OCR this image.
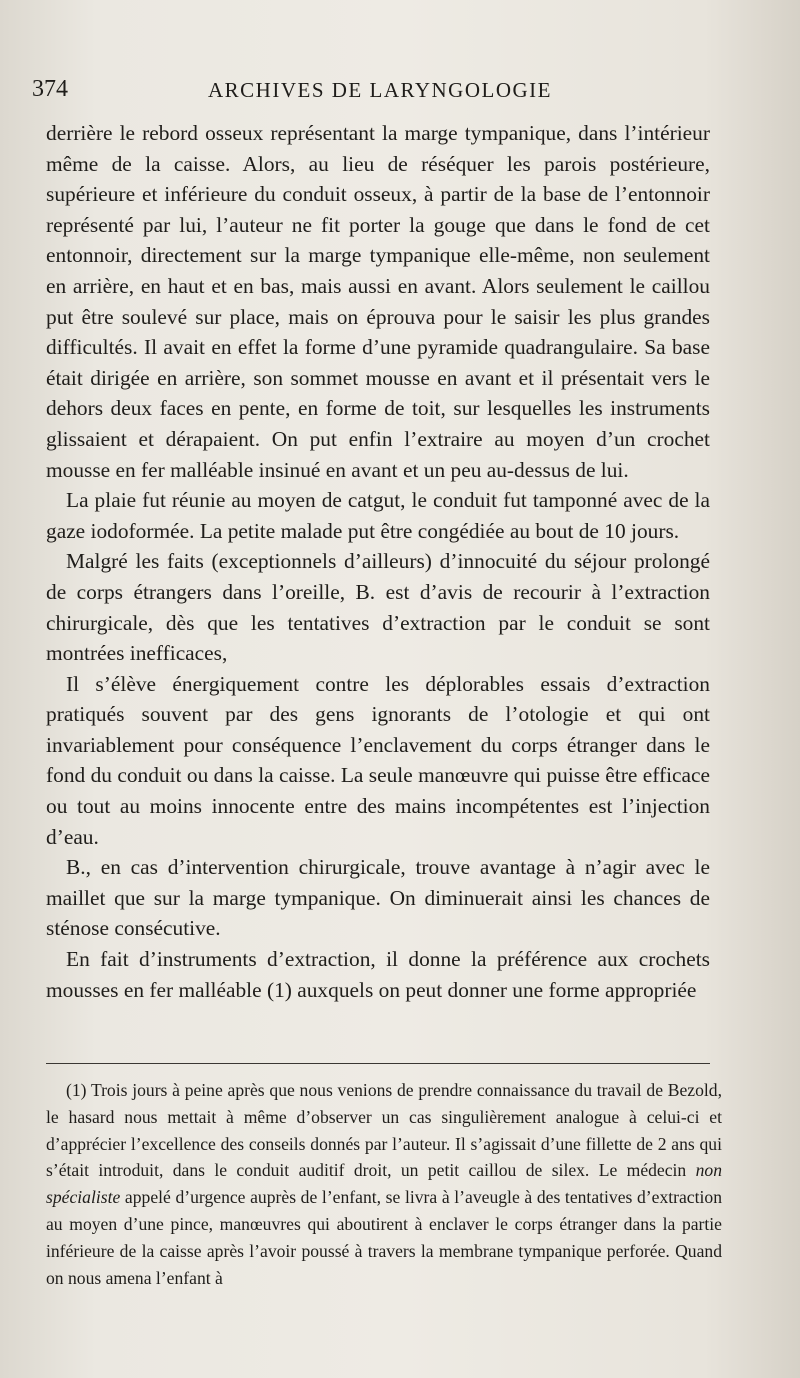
374	ARCHIVES DE LARYNGOLOGIE

derrière le rebord osseux représentant la marge tympanique, dans l’intérieur même de la caisse. Alors, au lieu de réséquer les parois postérieure, supérieure et inférieure du conduit osseux, à partir de la base de l’entonnoir représenté par lui, l’auteur ne fit porter la gouge que dans le fond de cet entonnoir, directement sur la marge tympanique elle-même, non seulement en arrière, en haut et en bas, mais aussi en avant. Alors seulement le caillou put être soulevé sur place, mais on éprouva pour le saisir les plus grandes difficultés. Il avait en effet la forme d’une pyramide quadrangulaire. Sa base était dirigée en arrière, son sommet mousse en avant et il présentait vers le dehors deux faces en pente, en forme de toit, sur lesquelles les instruments glissaient et dérapaient. On put enfin l’extraire au moyen d’un crochet mousse en fer malléable insinué en avant et un peu au-dessus de lui.

La plaie fut réunie au moyen de catgut, le conduit fut tamponné avec de la gaze iodoformée. La petite malade put être congédiée au bout de 10 jours.

Malgré les faits (exceptionnels d’ailleurs) d’innocuité du séjour prolongé de corps étrangers dans l’oreille, B. est d’avis de recourir à l’extraction chirurgicale, dès que les tentatives d’extraction par le conduit se sont montrées inefficaces,

Il s’élève énergiquement contre les déplorables essais d’extraction pratiqués souvent par des gens ignorants de l’otologie et qui ont invariablement pour conséquence l’enclavement du corps étranger dans le fond du conduit ou dans la caisse. La seule manœuvre qui puisse être efficace ou tout au moins innocente entre des mains incompétentes est l’injection d’eau.

B., en cas d’intervention chirurgicale, trouve avantage à n’agir avec le maillet que sur la marge tympanique. On diminuerait ainsi les chances de sténose consécutive.

En fait d’instruments d’extraction, il donne la préférence aux crochets mousses en fer malléable (1) auxquels on peut donner une forme appropriée

(1) Trois jours à peine après que nous venions de prendre connaissance du travail de Bezold, le hasard nous mettait à même d’observer un cas singulièrement analogue à celui-ci et d’apprécier l’excellence des conseils donnés par l’auteur. Il s’agissait d’une fillette de 2 ans qui s’était introduit, dans le conduit auditif droit, un petit caillou de silex. Le médecin non spécialiste appelé d’urgence auprès de l’enfant, se livra à l’aveugle à des tentatives d’extraction au moyen d’une pince, manœuvres qui aboutirent à enclaver le corps étranger dans la partie inférieure de la caisse après l’avoir poussé à travers la membrane tympanique perforée. Quand on nous amena l’enfant à
